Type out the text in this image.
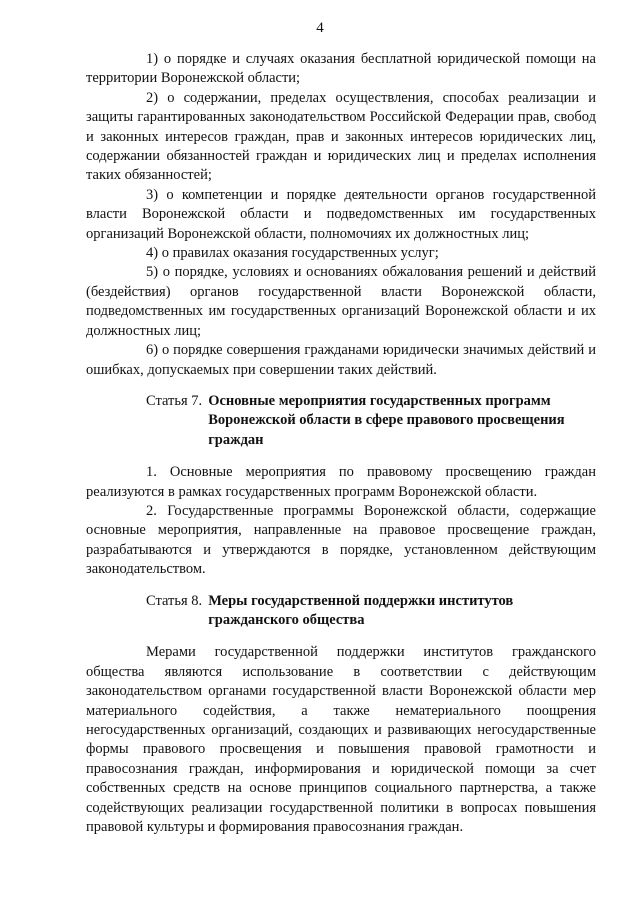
4

1) о порядке и случаях оказания бесплатной юридической помощи на территории Воронежской области;

2) о содержании, пределах осуществления, способах реализации и защиты гарантированных законодательством Российской Федерации прав, свобод и законных интересов граждан, прав и законных интересов юридических лиц, содержании обязанностей граждан и юридических лиц и пределах исполнения таких обязанностей;

3) о компетенции и порядке деятельности органов государственной власти Воронежской области и подведомственных им государственных организаций Воронежской области, полномочиях их должностных лиц;

4) о правилах оказания государственных услуг;

5) о порядке, условиях и основаниях обжалования решений и действий (бездействия) органов государственной власти Воронежской области, подведомственных им государственных организаций Воронежской области и их должностных лиц;

6) о порядке совершения гражданами юридически значимых действий и ошибках, допускаемых при совершении таких действий.

Статья 7. Основные мероприятия государственных программ Воронежской области в сфере правового просвещения граждан

1. Основные мероприятия по правовому просвещению граждан реализуются в рамках государственных программ Воронежской области.

2. Государственные программы Воронежской области, содержащие основные мероприятия, направленные на правовое просвещение граждан, разрабатываются и утверждаются в порядке, установленном действующим законодательством.

Статья 8. Меры государственной поддержки институтов гражданского общества

Мерами государственной поддержки институтов гражданского общества являются использование в соответствии с действующим законодательством органами государственной власти Воронежской области мер материального содействия, а также нематериального поощрения негосударственных организаций, создающих и развивающих негосударственные формы правового просвещения и повышения правовой грамотности и правосознания граждан, информирования и юридической помощи за счет собственных средств на основе принципов социального партнерства, а также содействующих реализации государственной политики в вопросах повышения правовой культуры и формирования правосознания граждан.
